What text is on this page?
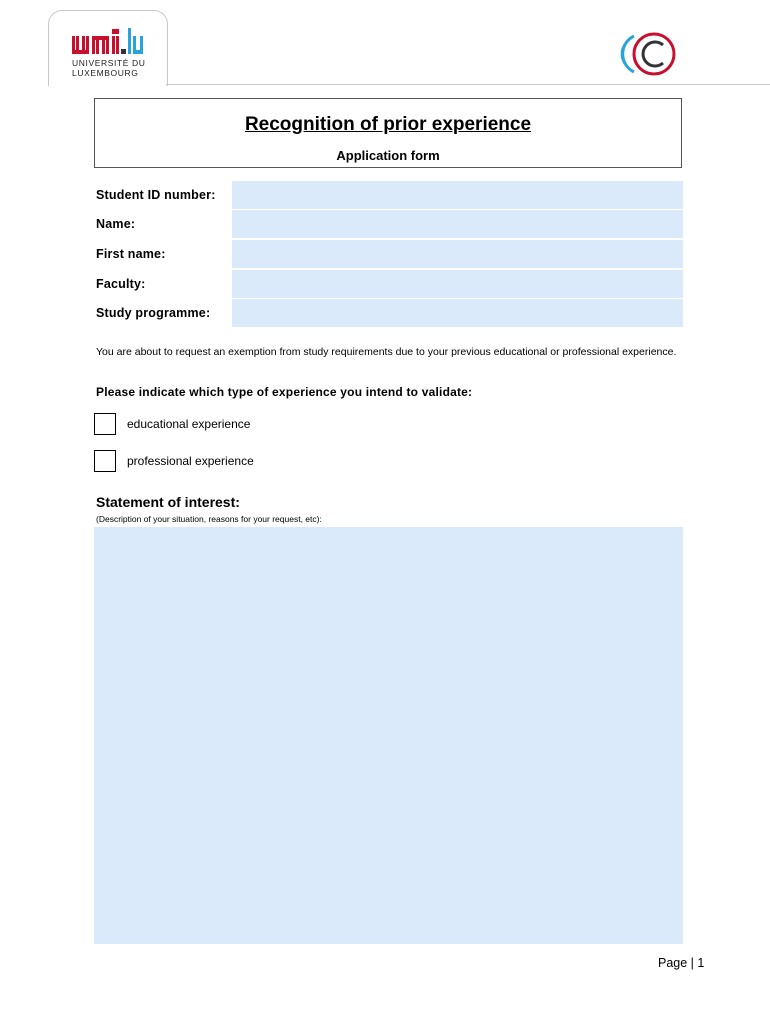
UNIVERSITÉ DU
LUXEMBOURG
Recognition of prior experience
Application form
Student ID number:
Name:
First name:
Faculty:
Study programme:
You are about to request an exemption from study requirements due to your previous educational or professional experience.
Please indicate which type of experience you intend to validate:
educational experience
professional experience
Statement of interest:
(Description of your situation, reasons for your request, etc):
Page | 1
